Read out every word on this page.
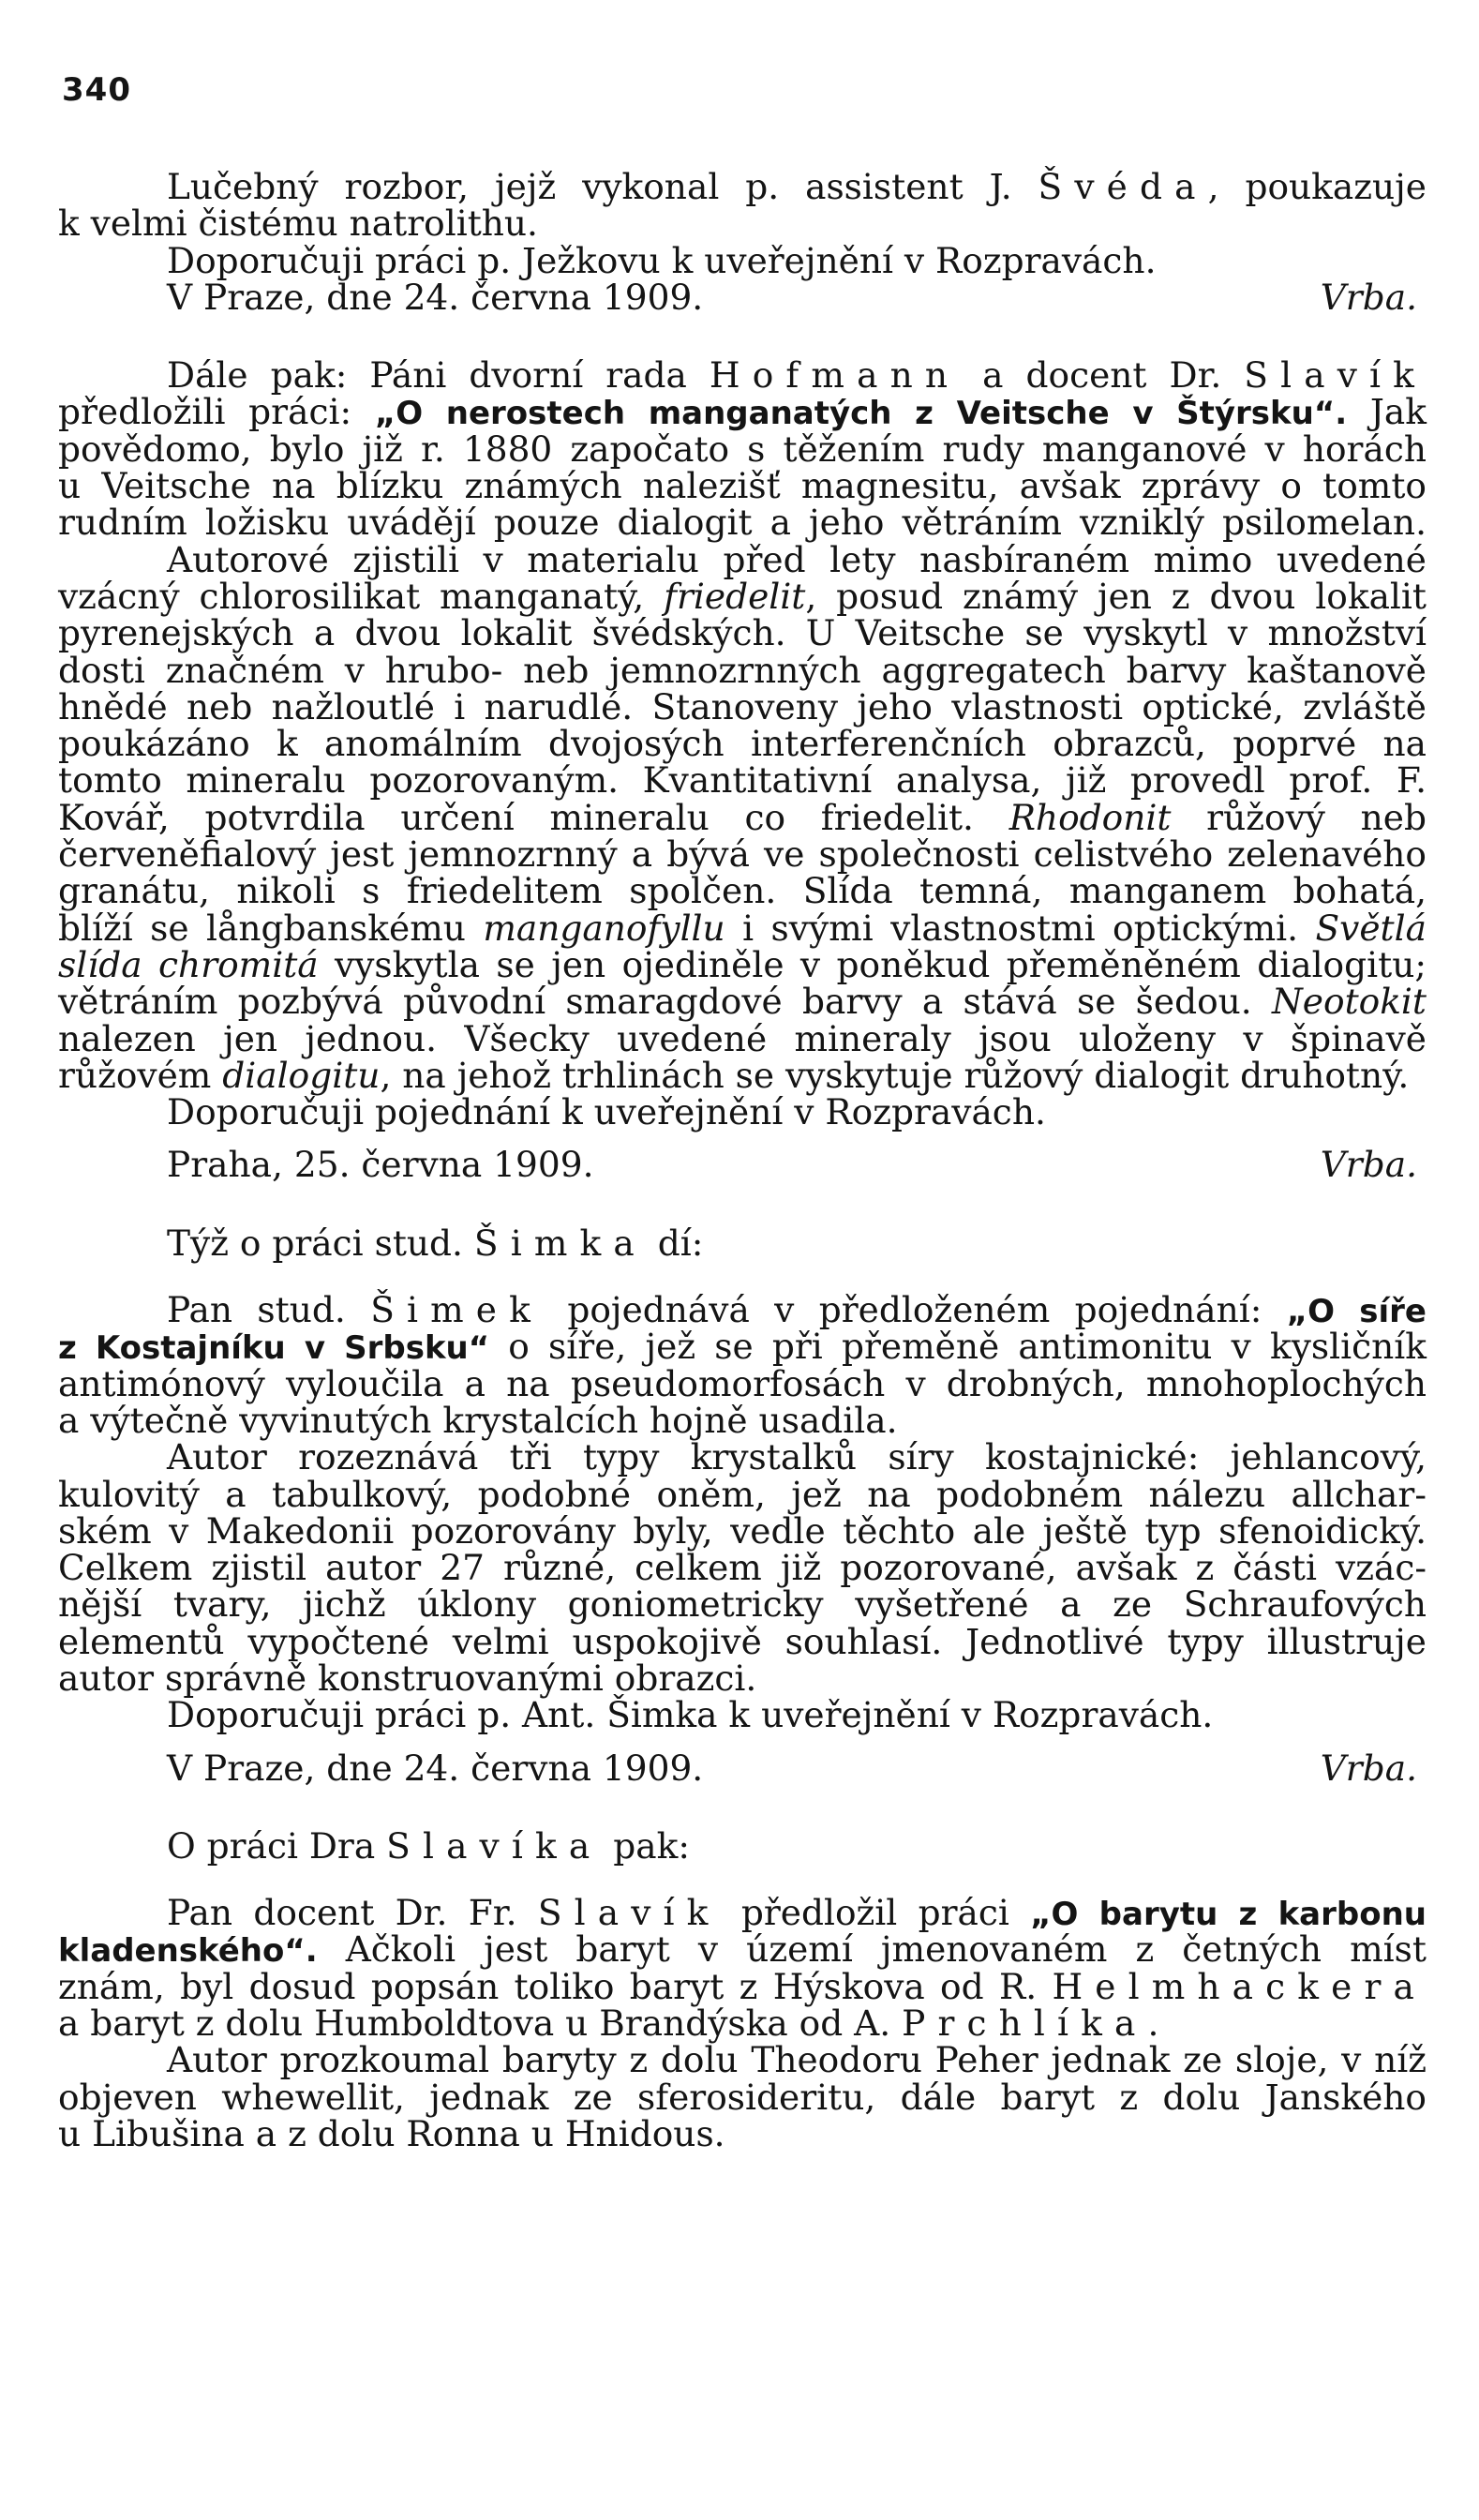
340
Lučebný rozbor, jejž vykonal p. assistent J. Švéda, poukazuje
k velmi čistému natrolithu.
Doporučuji práci p. Ježkovu k uveřejnění v Rozpravách.
V Praze, dne 24. června 1909.	Vrba.
Dále pak: Páni dvorní rada Hofmann a docent Dr. Slavík
předložili práci: „O nerostech manganatých z Veitsche v Štýrsku“. Jak
povědomo, bylo již r. 1880 započato s těžením rudy manganové v horách
u Veitsche na blízku známých nalezišť magnesitu, avšak zprávy o tomto
rudním ložisku uvádějí pouze dialogit a jeho větráním vzniklý psilomelan.
Autorové zjistili v materialu před lety nasbíraném mimo uvedené
vzácný chlorosilikat manganatý, friedelit, posud známý jen z dvou lokalit
pyrenejských a dvou lokalit švédských. U Veitsche se vyskytl v množství
dosti značném v hrubo- neb jemnozrnných aggregatech barvy kaštanově
hnědé neb nažloutlé i narudlé. Stanoveny jeho vlastnosti optické, zvláště
poukázáno k anomálním dvojosých interferenčních obrazců, poprvé na
tomto mineralu pozorovaným. Kvantitativní analysa, již provedl prof. F.
Kovář, potvrdila určení mineralu co friedelit. Rhodonit růžový neb
červeněfialový jest jemnozrnný a bývá ve společnosti celistvého zelenavého
granátu, nikoli s friedelitem spolčen. Slída temná, manganem bohatá,
blíží se långbanskému manganofyllu i svými vlastnostmi optickými. Světlá
slída chromitá vyskytla se jen ojediněle v poněkud přeměněném dialogitu;
větráním pozbývá původní smaragdové barvy a stává se šedou. Neotokit
nalezen jen jednou. Všecky uvedené mineraly jsou uloženy v špinavě
růžovém dialogitu, na jehož trhlinách se vyskytuje růžový dialogit druhotný.
Doporučuji pojednání k uveřejnění v Rozpravách.
Praha, 25. června 1909.	Vrba.
Týž o práci stud. Šimka dí:
Pan stud. Šimek pojednává v předloženém pojednání: „O síře
z Kostajníku v Srbsku“ o síře, jež se při přeměně antimonitu v kysličník
antimónový vyloučila a na pseudomorfosách v drobných, mnohoplochých
a výtečně vyvinutých krystalcích hojně usadila.
Autor rozeznává tři typy krystalků síry kostajnické: jehlancový,
kulovitý a tabulkový, podobné oněm, jež na podobném nálezu allchar-
ském v Makedonii pozorovány byly, vedle těchto ale ještě typ sfenoidický.
Celkem zjistil autor 27 různé, celkem již pozorované, avšak z části vzác-
nější tvary, jichž úklony goniometricky vyšetřené a ze Schraufových
elementů vypočtené velmi uspokojivě souhlasí. Jednotlivé typy illustruje
autor správně konstruovanými obrazci.
Doporučuji práci p. Ant. Šimka k uveřejnění v Rozpravách.
V Praze, dne 24. června 1909.	Vrba.
O práci Dra Slavíka pak:
Pan docent Dr. Fr. Slavík předložil práci „O barytu z karbonu
kladenského“. Ačkoli jest baryt v území jmenovaném z četných míst
znám, byl dosud popsán toliko baryt z Hýskova od R. Helmhackera
a baryt z dolu Humboldtova u Brandýska od A. Prchlíka.
Autor prozkoumal baryty z dolu Theodoru Peher jednak ze sloje, v níž
objeven whewellit, jednak ze sferosideritu, dále baryt z dolu Janského
u Libušina a z dolu Ronna u Hnidous.
